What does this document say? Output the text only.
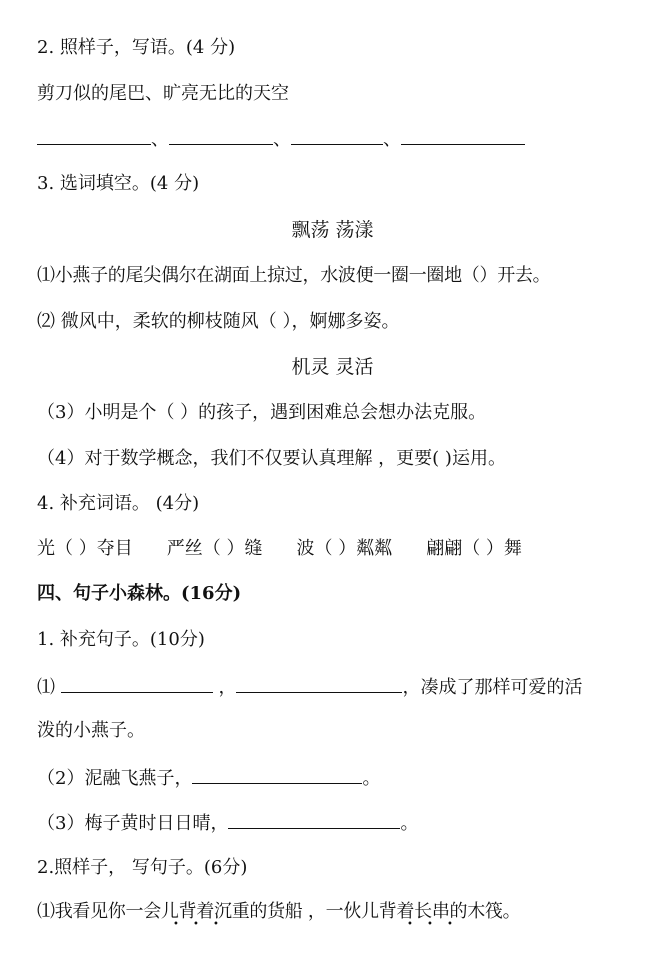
2. 照样子，写语。(4 分)
剪刀似的尾巴、旷亮无比的天空
、	、	、
3. 选词填空。(4 分)
飘荡 荡漾
⑴小燕子的尾尖偶尔在湖面上掠过，水波便一圈一圈地（）开去。
⑵ 微风中，柔软的柳枝随风（ ），婀娜多姿。
机灵 灵活
（3）小明是个（ ）的孩子，遇到困难总会想办法克服。
（4）对于数学概念，我们不仅要认真理解 ，更要( )运用。
4. 补充词语。 (4分)
光（ ）夺目 严丝（ ）缝 波（ ）粼粼 翩翩（ ）舞
四、句子小森林。(16分)
1. 补充句子。(10分)
⑴	，	，凑成了那样可爱的活
泼的小燕子。
（2）泥融飞燕子，	。
（3）梅子黄时日日晴，	。
2.照样子， 写句子。(6分)
⑴我看见你一会儿背着沉重的货船 ，一伙儿背着长串的木筏。
• • •	• • •
